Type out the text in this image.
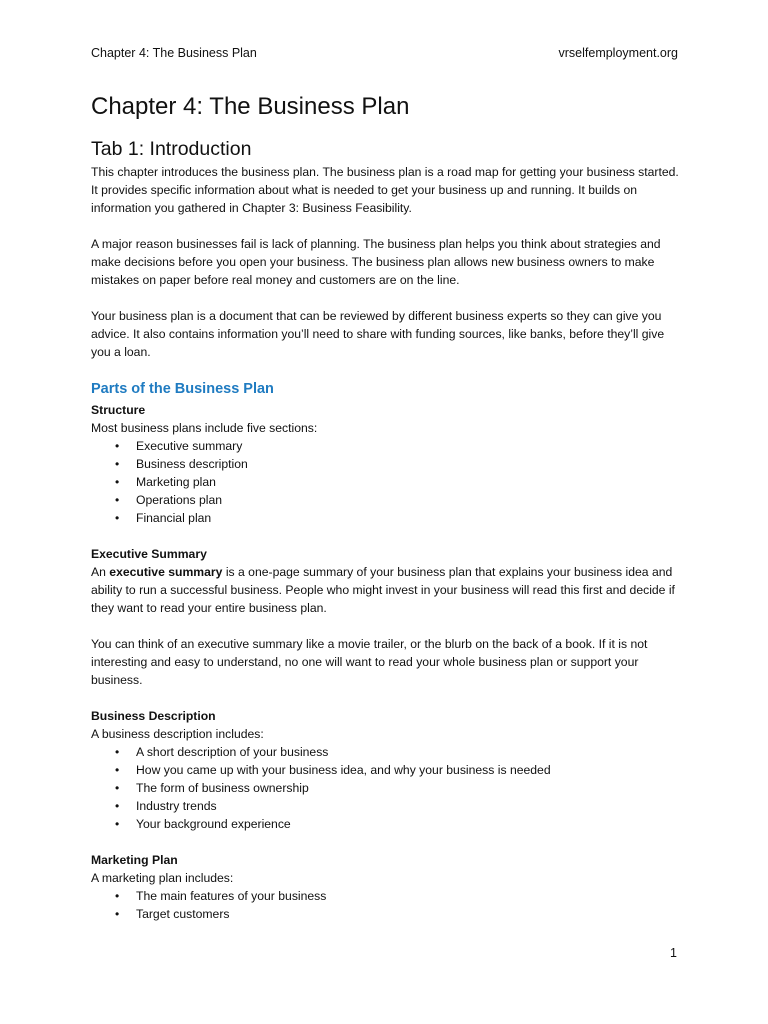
Chapter 4: The Business Plan	vrselfemployment.org
Chapter 4: The Business Plan
Tab 1: Introduction

This chapter introduces the business plan. The business plan is a road map for getting your business started. It provides specific information about what is needed to get your business up and running. It builds on information you gathered in Chapter 3: Business Feasibility.

A major reason businesses fail is lack of planning. The business plan helps you think about strategies and make decisions before you open your business. The business plan allows new business owners to make mistakes on paper before real money and customers are on the line.

Your business plan is a document that can be reviewed by different business experts so they can give you advice. It also contains information you’ll need to share with funding sources, like banks, before they’ll give you a loan.

Parts of the Business Plan
Structure
Most business plans include five sections:
• Executive summary
• Business description
• Marketing plan
• Operations plan
• Financial plan
Executive Summary

An executive summary is a one-page summary of your business plan that explains your business idea and ability to run a successful business. People who might invest in your business will read this first and decide if they want to read your entire business plan.

You can think of an executive summary like a movie trailer, or the blurb on the back of a book. If it is not interesting and easy to understand, no one will want to read your whole business plan or support your business.

Business Description
A business description includes:
• A short description of your business
• How you came up with your business idea, and why your business is needed
• The form of business ownership
• Industry trends
• Your background experience
Marketing Plan
A marketing plan includes:
• The main features of your business
• Target customers
1
